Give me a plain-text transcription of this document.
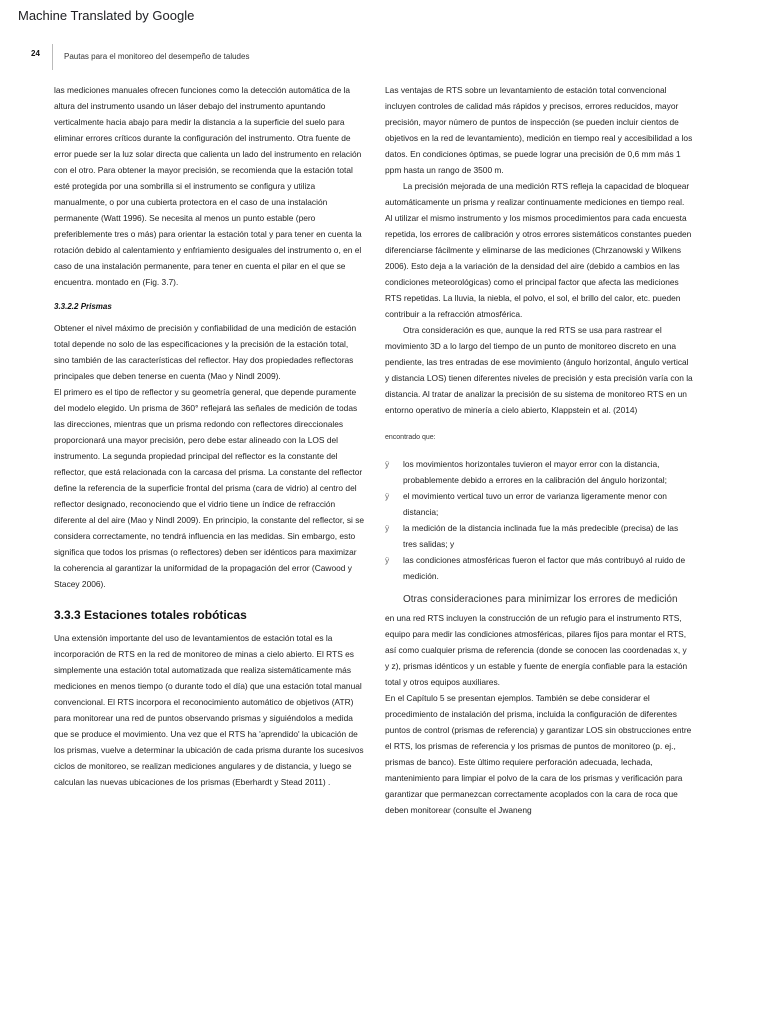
Machine Translated by Google
24	Pautas para el monitoreo del desempeño de taludes

las mediciones manuales ofrecen funciones como la detección automática de la altura del instrumento usando un láser debajo del instrumento apuntando verticalmente hacia abajo para medir la distancia a la superficie del suelo para eliminar errores críticos durante la configuración del instrumento. Otra fuente de error puede ser la luz solar directa que calienta un lado del instrumento en relación con el otro. Para obtener la mayor precisión, se recomienda que la estación total esté protegida por una sombrilla si el instrumento se configura y utiliza manualmente, o por una cubierta protectora en el caso de una instalación permanente (Watt 1996). Se necesita al menos un punto estable (pero preferiblemente tres o más) para orientar la estación total y para tener en cuenta la rotación debido al calentamiento y enfriamiento desiguales del instrumento o, en el caso de una instalación permanente, para tener en cuenta el pilar en el que se encuentra. montado en (Fig. 3.7).

3.3.2.2 Prismas

Obtener el nivel máximo de precisión y confiabilidad de una medición de estación total depende no solo de las especificaciones y la precisión de la estación total, sino también de las características del reflector. Hay dos propiedades reflectoras principales que deben tenerse en cuenta (Mao y Nindl 2009).

El primero es el tipo de reflector y su geometría general, que depende puramente del modelo elegido. Un prisma de 360° reflejará las señales de medición de todas las direcciones, mientras que un prisma redondo con reflectores direccionales proporcionará una mayor precisión, pero debe estar alineado con la LOS del instrumento. La segunda propiedad principal del reflector es la constante del reflector, que está relacionada con la carcasa del prisma. La constante del reflector define la referencia de la superficie frontal del prisma (cara de vidrio) al centro del reflector designado, reconociendo que el vidrio tiene un índice de refracción diferente al del aire (Mao y Nindl 2009). En principio, la constante del reflector, si se considera correctamente, no tendrá influencia en las medidas. Sin embargo, esto significa que todos los prismas (o reflectores) deben ser idénticos para maximizar la coherencia al garantizar la uniformidad de la propagación del error (Cawood y Stacey 2006).

3.3.3 Estaciones totales robóticas

Una extensión importante del uso de levantamientos de estación total es la incorporación de RTS en la red de monitoreo de minas a cielo abierto. El RTS es simplemente una estación total automatizada que realiza sistemáticamente más mediciones en menos tiempo (o durante todo el día) que una estación total manual convencional. El RTS incorpora el reconocimiento automático de objetivos (ATR) para monitorear una red de puntos observando prismas y siguiéndolos a medida que se produce el movimiento. Una vez que el RTS ha 'aprendido' la ubicación de los prismas, vuelve a determinar la ubicación de cada prisma durante los sucesivos ciclos de monitoreo, se realizan mediciones angulares y de distancia, y luego se calculan las nuevas ubicaciones de los prismas (Eberhardt y Stead 2011) .

Las ventajas de RTS sobre un levantamiento de estación total convencional incluyen controles de calidad más rápidos y precisos, errores reducidos, mayor precisión, mayor número de puntos de inspección (se pueden incluir cientos de objetivos en la red de levantamiento), medición en tiempo real y accesibilidad a los datos. En condiciones óptimas, se puede lograr una precisión de 0,6 mm más 1 ppm hasta un rango de 3500 m.

La precisión mejorada de una medición RTS refleja la capacidad de bloquear automáticamente un prisma y realizar continuamente mediciones en tiempo real. Al utilizar el mismo instrumento y los mismos procedimientos para cada encuesta repetida, los errores de calibración y otros errores sistemáticos constantes pueden diferenciarse fácilmente y eliminarse de las mediciones (Chrzanowski y Wilkens 2006). Esto deja a la variación de la densidad del aire (debido a cambios en las condiciones meteorológicas) como el principal factor que afecta las mediciones RTS repetidas. La lluvia, la niebla, el polvo, el sol, el brillo del calor, etc. pueden contribuir a la refracción atmosférica.

Otra consideración es que, aunque la red RTS se usa para rastrear el movimiento 3D a lo largo del tiempo de un punto de monitoreo discreto en una pendiente, las tres entradas de ese movimiento (ángulo horizontal, ángulo vertical y distancia LOS) tienen diferentes niveles de precisión y esta precisión varía con la distancia. Al tratar de analizar la precisión de su sistema de monitoreo RTS en un entorno operativo de minería a cielo abierto, Klappstein et al. (2014)

encontrado que:

ÿ los movimientos horizontales tuvieron el mayor error con la distancia, probablemente debido a errores en la calibración del ángulo horizontal;
ÿ el movimiento vertical tuvo un error de varianza ligeramente menor con distancia;
ÿ la medición de la distancia inclinada fue la más predecible (precisa) de las tres salidas; y
ÿ las condiciones atmosféricas fueron el factor que más contribuyó al ruido de medición.

Otras consideraciones para minimizar los errores de medición

en una red RTS incluyen la construcción de un refugio para el instrumento RTS, equipo para medir las condiciones atmosféricas, pilares fijos para montar el RTS, así como cualquier prisma de referencia (donde se conocen las coordenadas x, y y z), prismas idénticos y un estable y fuente de energía confiable para la estación total y otros equipos auxiliares.

En el Capítulo 5 se presentan ejemplos. También se debe considerar el procedimiento de instalación del prisma, incluida la configuración de diferentes puntos de control (prismas de referencia) y garantizar LOS sin obstrucciones entre el RTS, los prismas de referencia y los prismas de puntos de monitoreo (p. ej., prismas de banco). Este último requiere perforación adecuada, lechada, mantenimiento para limpiar el polvo de la cara de los prismas y verificación para garantizar que permanezcan correctamente acoplados con la cara de roca que deben monitorear (consulte el Jwaneng
